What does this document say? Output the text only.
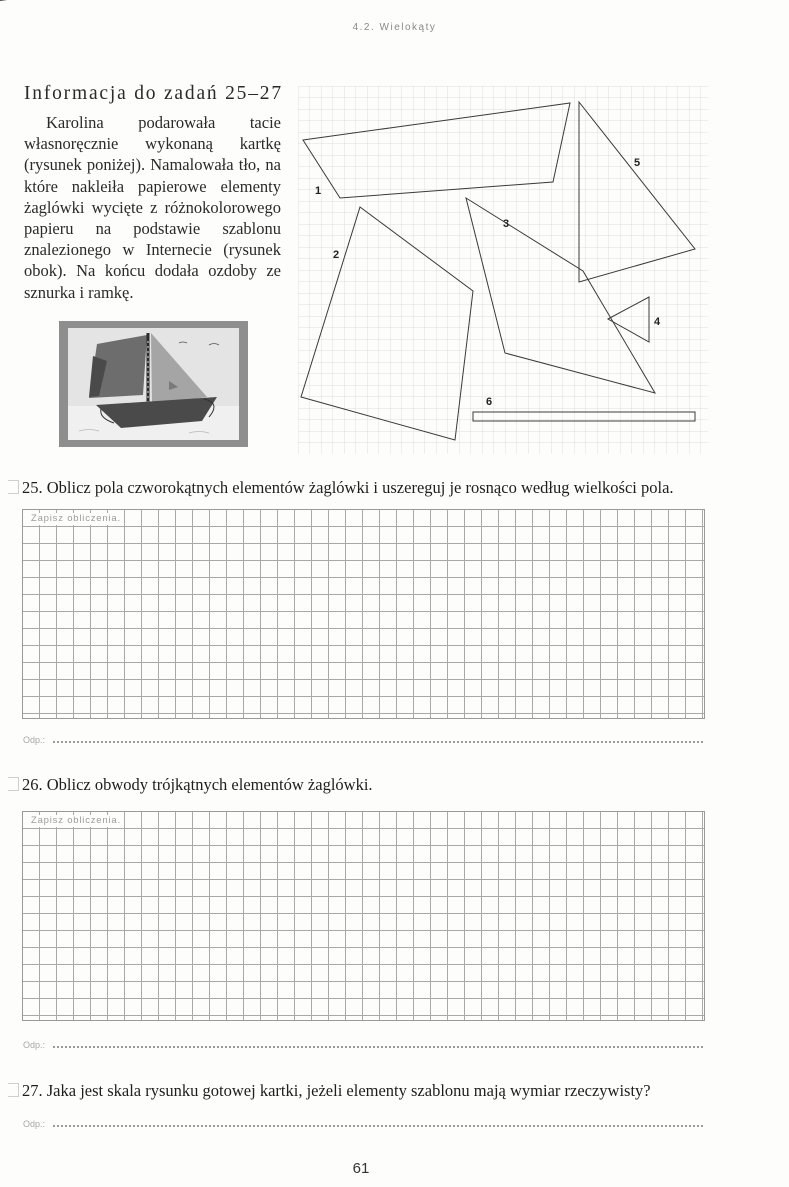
4.2. Wielokąty
Informacja do zadań 25–27
Karolina podarowała tacie własnoręcznie wykonaną kartkę (rysunek poniżej). Namalowała tło, na które nakleiła papierowe elementy żaglówki wycięte z różnokolorowego papieru na podstawie szablonu znalezionego w Internecie (rysunek obok). Na końcu dodała ozdoby ze sznurka i ramkę.
1
2
3
4
5
6
25. Oblicz pola czworokątnych elementów żaglówki i uszereguj je rosnąco według wielkości pola.
Zapisz obliczenia.
Odp.:
26. Oblicz obwody trójkątnych elementów żaglówki.
Zapisz obliczenia.
Odp.:
27. Jaka jest skala rysunku gotowej kartki, jeżeli elementy szablonu mają wymiar rzeczywisty?
Odp.:
61
